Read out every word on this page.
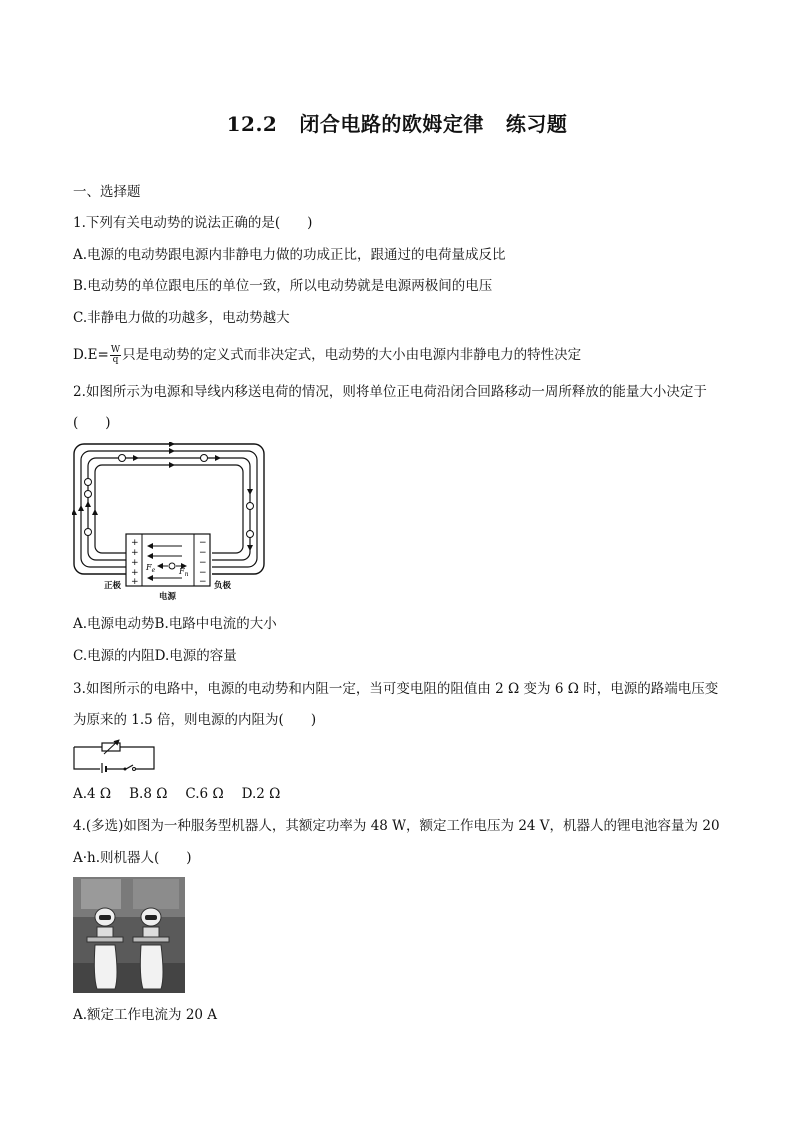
12.2 闭合电路的欧姆定律 练习题
一、选择题
1.下列有关电动势的说法正确的是(　　)
A.电源的电动势跟电源内非静电力做的功成正比，跟通过的电荷量成反比
B.电动势的单位跟电压的单位一致，所以电动势就是电源两极间的电压
C.非静电力做的功越多，电动势越大
$D.E= \frac{W}{q}$ 只是电动势的定义式而非决定式，电动势的大小由电源内非静电力的特性决定
2.如图所示为电源和导线内移送电荷的情况，则将单位正电荷沿闭合回路移动一周所释放的能量大小决定于
(　　)
+
+
+
+
+
−
−
−
−
−
$F_e$	$F_n$
正极	负极
电源
A.电源电动势B.电路中电流的大小
C.电源的内阻D.电源的容量
3.如图所示的电路中，电源的电动势和内阻一定，当可变电阻的阻值由 2 Ω 变为 6 Ω 时，电源的路端电压变
为原来的 1.5 倍，则电源的内阻为(　　)
A.4 Ω B.8 Ω C.6 Ω D.2 Ω
4.(多选)如图为一种服务型机器人，其额定功率为 48 W，额定工作电压为 24 V，机器人的锂电池容量为 20
A·h.则机器人(　　)
A.额定工作电流为 20 A
